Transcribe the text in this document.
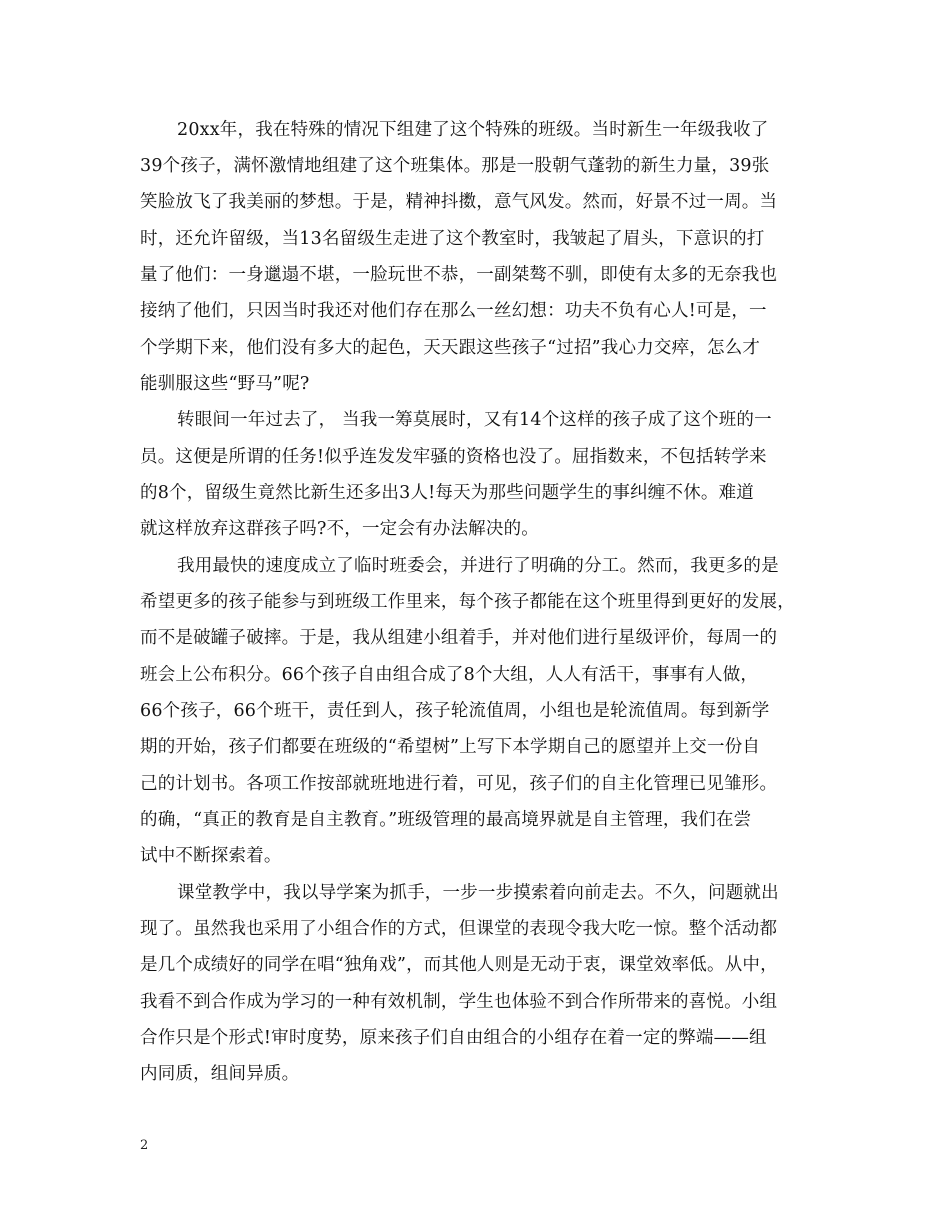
20xx年，我在特殊的情况下组建了这个特殊的班级。当时新生一年级我收了
39个孩子，满怀激情地组建了这个班集体。那是一股朝气蓬勃的新生力量，39张
笑脸放飞了我美丽的梦想。于是，精神抖擞，意气风发。然而，好景不过一周。当
时，还允许留级，当13名留级生走进了这个教室时，我皱起了眉头，下意识的打
量了他们：一身邋遢不堪，一脸玩世不恭，一副桀骜不驯，即使有太多的无奈我也
接纳了他们，只因当时我还对他们存在那么一丝幻想：功夫不负有心人!可是，一
个学期下来，他们没有多大的起色，天天跟这些孩子“过招”我心力交瘁，怎么才
能驯服这些“野马”呢?
转眼间一年过去了， 当我一筹莫展时，又有14个这样的孩子成了这个班的一
员。这便是所谓的任务!似乎连发发牢骚的资格也没了。屈指数来，不包括转学来
的8个，留级生竟然比新生还多出3人!每天为那些问题学生的事纠缠不休。难道
就这样放弃这群孩子吗?不，一定会有办法解决的。
我用最快的速度成立了临时班委会，并进行了明确的分工。然而，我更多的是
希望更多的孩子能参与到班级工作里来，每个孩子都能在这个班里得到更好的发展，
而不是破罐子破摔。于是，我从组建小组着手，并对他们进行星级评价，每周一的
班会上公布积分。66个孩子自由组合成了8个大组，人人有活干，事事有人做，
66个孩子，66个班干，责任到人，孩子轮流值周，小组也是轮流值周。每到新学
期的开始，孩子们都要在班级的“希望树”上写下本学期自己的愿望并上交一份自
己的计划书。各项工作按部就班地进行着，可见，孩子们的自主化管理已见雏形。
的确，“真正的教育是自主教育。”班级管理的最高境界就是自主管理，我们在尝
试中不断探索着。
课堂教学中，我以导学案为抓手，一步一步摸索着向前走去。不久，问题就出
现了。虽然我也采用了小组合作的方式，但课堂的表现令我大吃一惊。整个活动都
是几个成绩好的同学在唱“独角戏”，而其他人则是无动于衷，课堂效率低。从中，
我看不到合作成为学习的一种有效机制，学生也体验不到合作所带来的喜悦。小组
合作只是个形式!审时度势，原来孩子们自由组合的小组存在着一定的弊端——组
内同质，组间异质。
2
